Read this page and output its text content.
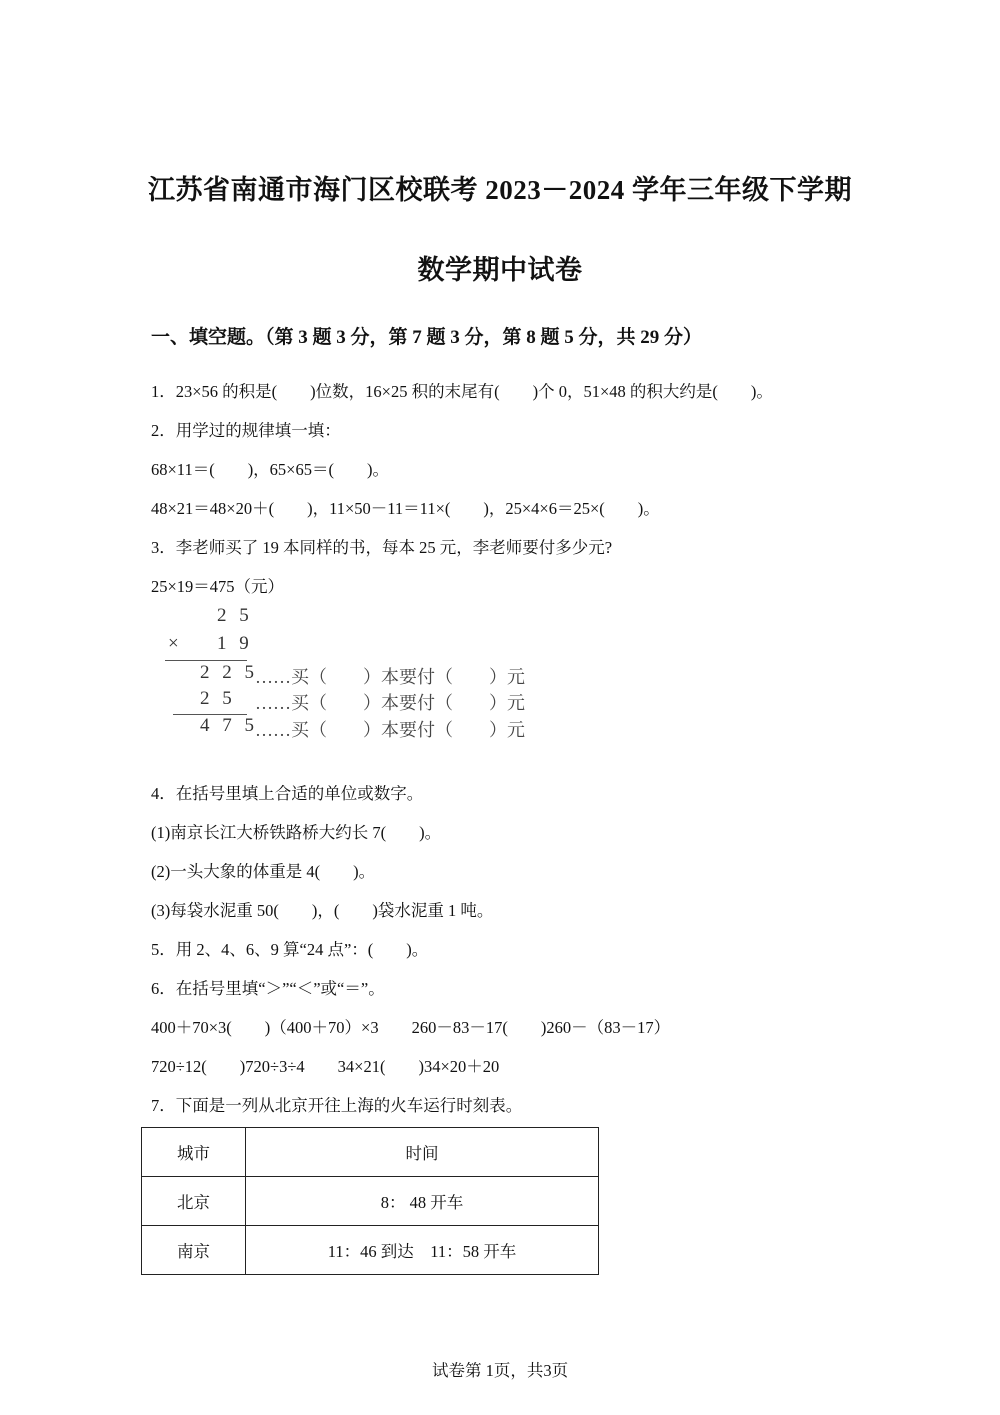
江苏省南通市海门区校联考 2023－2024 学年三年级下学期
数学期中试卷
一、填空题。（第 3 题 3 分，第 7 题 3 分，第 8 题 5 分，共 29 分）
1．23×56 的积是(　　)位数，16×25 积的末尾有(　　)个 0，51×48 的积大约是(　　)。
2．用学过的规律填一填：
68×11＝(　　)，65×65＝(　　)。
48×21＝48×20＋(　　)，11×50－11＝11×(　　)，25×4×6＝25×(　　)。
3．李老师买了 19 本同样的书，每本 25 元，李老师要付多少元?
25×19＝475（元）
2 5
× 1 9
2 2 5
……买（　　）本要付（　　）元
2 5 ……买（　　）本要付（　　）元
4 7 5
……买（　　）本要付（　　）元
4．在括号里填上合适的单位或数字。
(1)南京长江大桥铁路桥大约长 7(　　)。
(2)一头大象的体重是 4(　　)。
(3)每袋水泥重 50(　　)，(　　)袋水泥重 1 吨。
5．用 2、4、6、9 算“24 点”：(　　)。
6．在括号里填“＞”“＜”或“＝”。
400＋70×3(　　)（400＋70）×3　　260－83－17(　　)260－（83－17）
720÷12(　　)720÷3÷4　　34×21(　　)34×20＋20
7．下面是一列从北京开往上海的火车运行时刻表。
城市	时间
北京	8： 48 开车
南京	11：46 到达　11：58 开车
试卷第 1页，共3页
